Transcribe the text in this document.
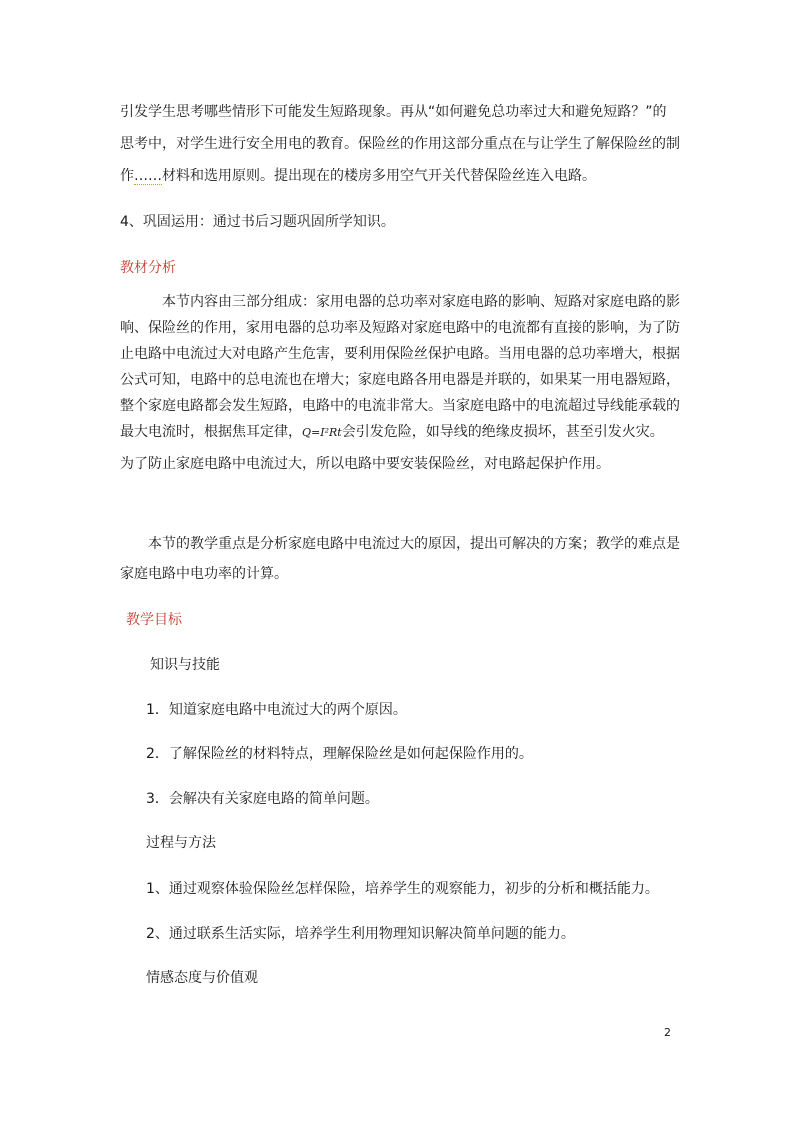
引发学生思考哪些情形下可能发生短路现象。再从“如何避免总功率过大和避免短路？”的
思考中，对学生进行安全用电的教育。保险丝的作用这部分重点在与让学生了解保险丝的制
作……材料和选用原则。提出现在的楼房多用空气开关代替保险丝连入电路。
4、巩固运用：通过书后习题巩固所学知识。
教材分析
本节内容由三部分组成：家用电器的总功率对家庭电路的影响、短路对家庭电路的影
响、保险丝的作用，家用电器的总功率及短路对家庭电路中的电流都有直接的影响，为了防
止电路中电流过大对电路产生危害，要利用保险丝保护电路。当用电器的总功率增大，根据
公式可知，电路中的总电流也在增大；家庭电路各用电器是并联的，如果某一用电器短路，
整个家庭电路都会发生短路，电路中的电流非常大。当家庭电路中的电流超过导线能承载的
最大电流时，根据焦耳定律，Q=I²Rt会引发危险，如导线的绝缘皮损坏，甚至引发火灾。
为了防止家庭电路中电流过大，所以电路中要安装保险丝，对电路起保护作用。
本节的教学重点是分析家庭电路中电流过大的原因，提出可解决的方案；教学的难点是
家庭电路中电功率的计算。
教学目标
知识与技能
1．知道家庭电路中电流过大的两个原因。
2．了解保险丝的材料特点，理解保险丝是如何起保险作用的。
3．会解决有关家庭电路的简单问题。
过程与方法
1、通过观察体验保险丝怎样保险，培养学生的观察能力，初步的分析和概括能力。
2、通过联系生活实际，培养学生利用物理知识解决简单问题的能力。
情感态度与价值观
2
